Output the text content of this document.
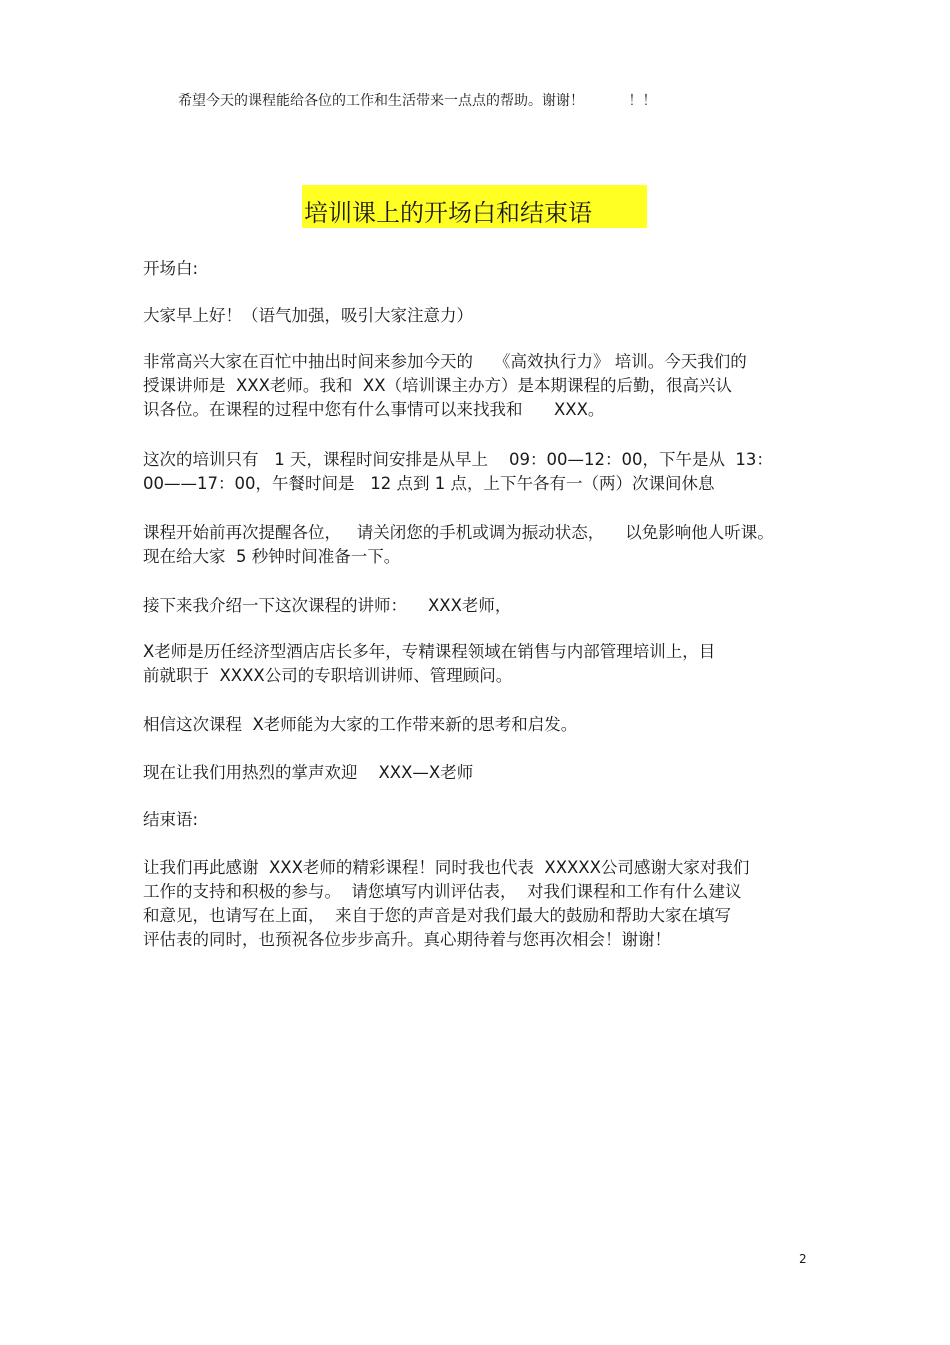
希望今天的课程能给各位的工作和生活带来一点点的帮助。谢谢！          ！！
培训课上的开场白和结束语
开场白:
大家早上好！（语气加强，吸引大家注意力）
非常高兴大家在百忙中抽出时间来参加今天的    《高效执行力》 培训。今天我们的
授课讲师是  XXX老师。我和  XX（培训课主办方）是本期课程的后勤，很高兴认
识各位。在课程的过程中您有什么事情可以来找我和      XXX。
这次的培训只有   1 天，课程时间安排是从早上    09：00—12：00，下午是从  13：
00——17：00，午餐时间是   12 点到 1 点，上下午各有一（两）次课间休息
课程开始前再次提醒各位，   请关闭您的手机或调为振动状态，    以免影响他人听课。
现在给大家  5 秒钟时间准备一下。
接下来我介绍一下这次课程的讲师：    XXX老师，
X老师是历任经济型酒店店长多年，专精课程领域在销售与内部管理培训上，目
前就职于  XXXX公司的专职培训讲师、管理顾问。
相信这次课程  X老师能为大家的工作带来新的思考和启发。
现在让我们用热烈的掌声欢迎    XXX—X老师
结束语:
让我们再此感谢  XXX老师的精彩课程！同时我也代表  XXXXX公司感谢大家对我们
工作的支持和积极的参与。  请您填写内训评估表，  对我们课程和工作有什么建议
和意见，也请写在上面，  来自于您的声音是对我们最大的鼓励和帮助大家在填写
评估表的同时，也预祝各位步步高升。真心期待着与您再次相会！谢谢！
2
